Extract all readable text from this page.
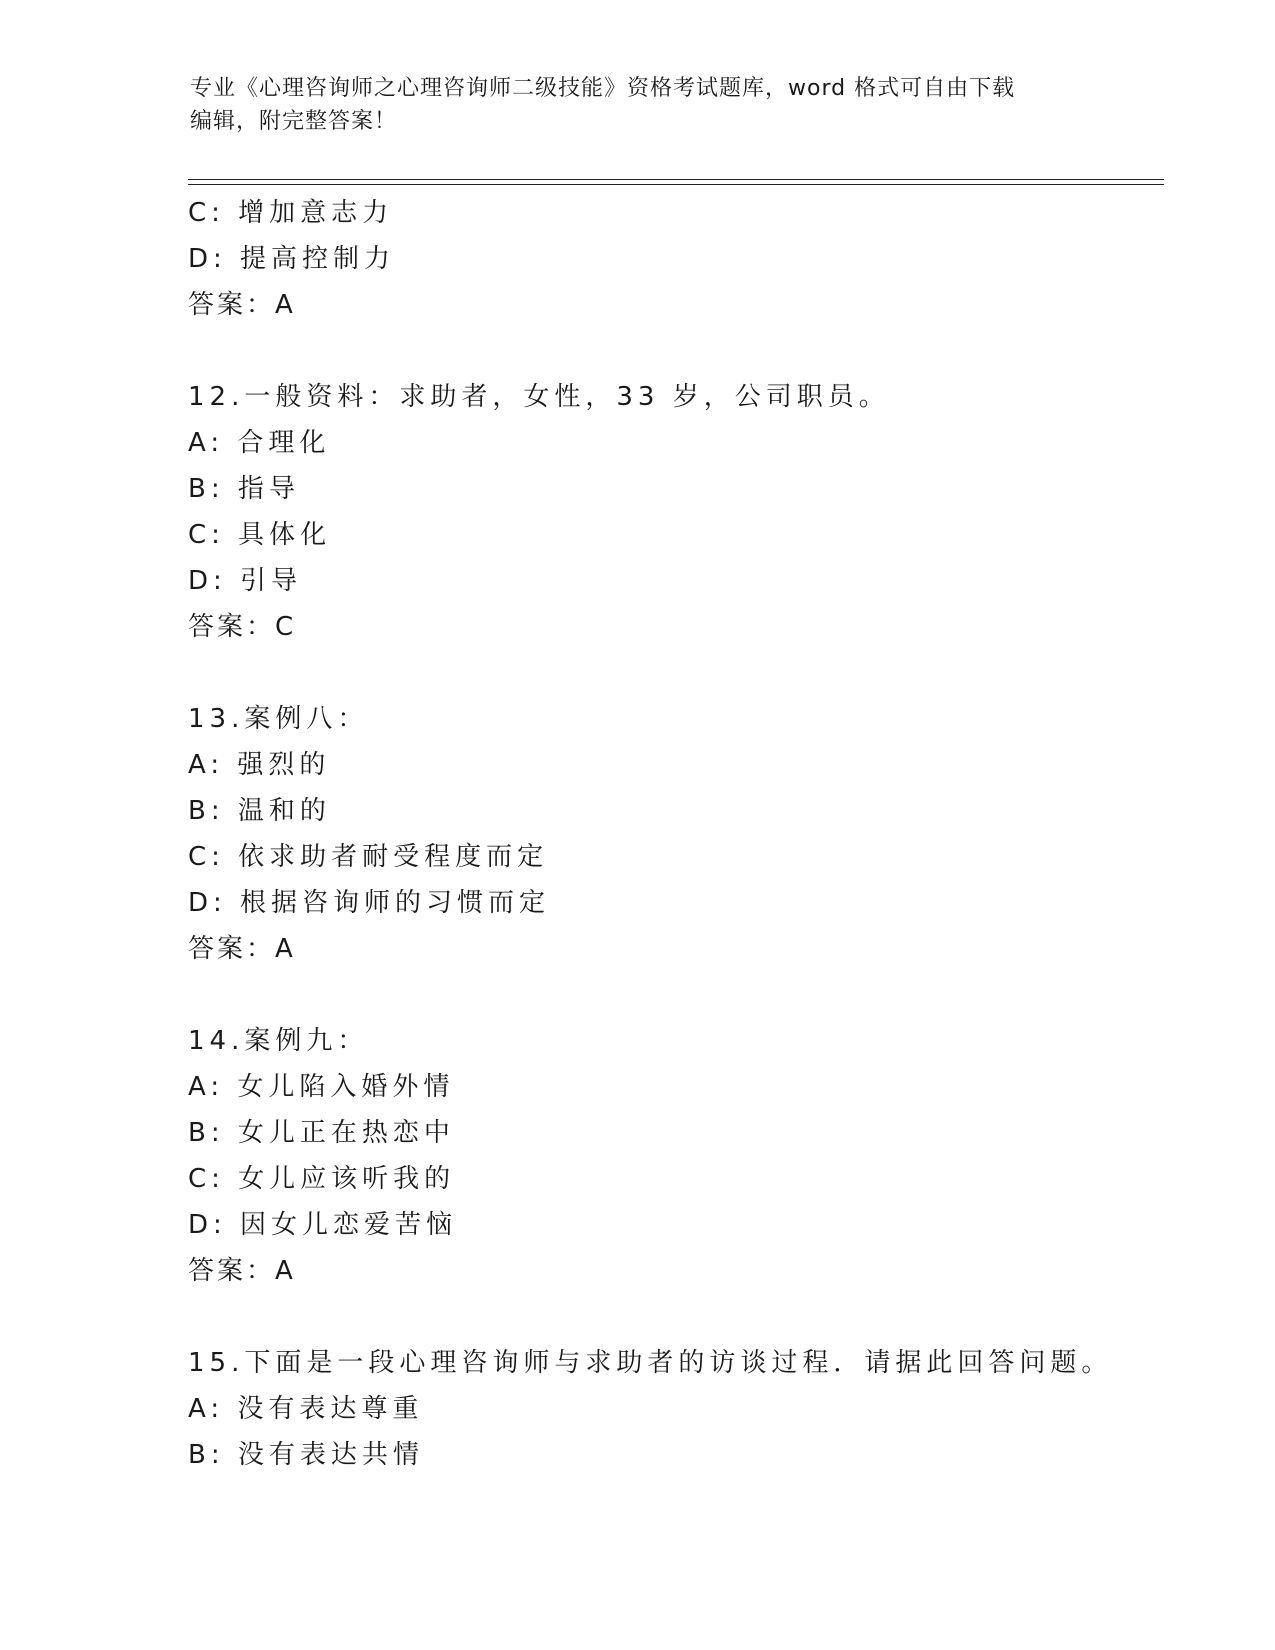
专业《心理咨询师之心理咨询师二级技能》资格考试题库，word 格式可自由下载
编辑，附完整答案！
C: 增加意志力
D: 提高控制力
答案：A
12.一般资料：求助者，女性，33 岁，公司职员。
A: 合理化
B: 指导
C: 具体化
D: 引导
答案：C
13.案例八：
A: 强烈的
B: 温和的
C: 依求助者耐受程度而定
D: 根据咨询师的习惯而定
答案：A
14.案例九：
A: 女儿陷入婚外情
B: 女儿正在热恋中
C: 女儿应该听我的
D: 因女儿恋爱苦恼
答案：A
15.下面是一段心理咨询师与求助者的访谈过程．请据此回答问题。
A: 没有表达尊重
B: 没有表达共情
